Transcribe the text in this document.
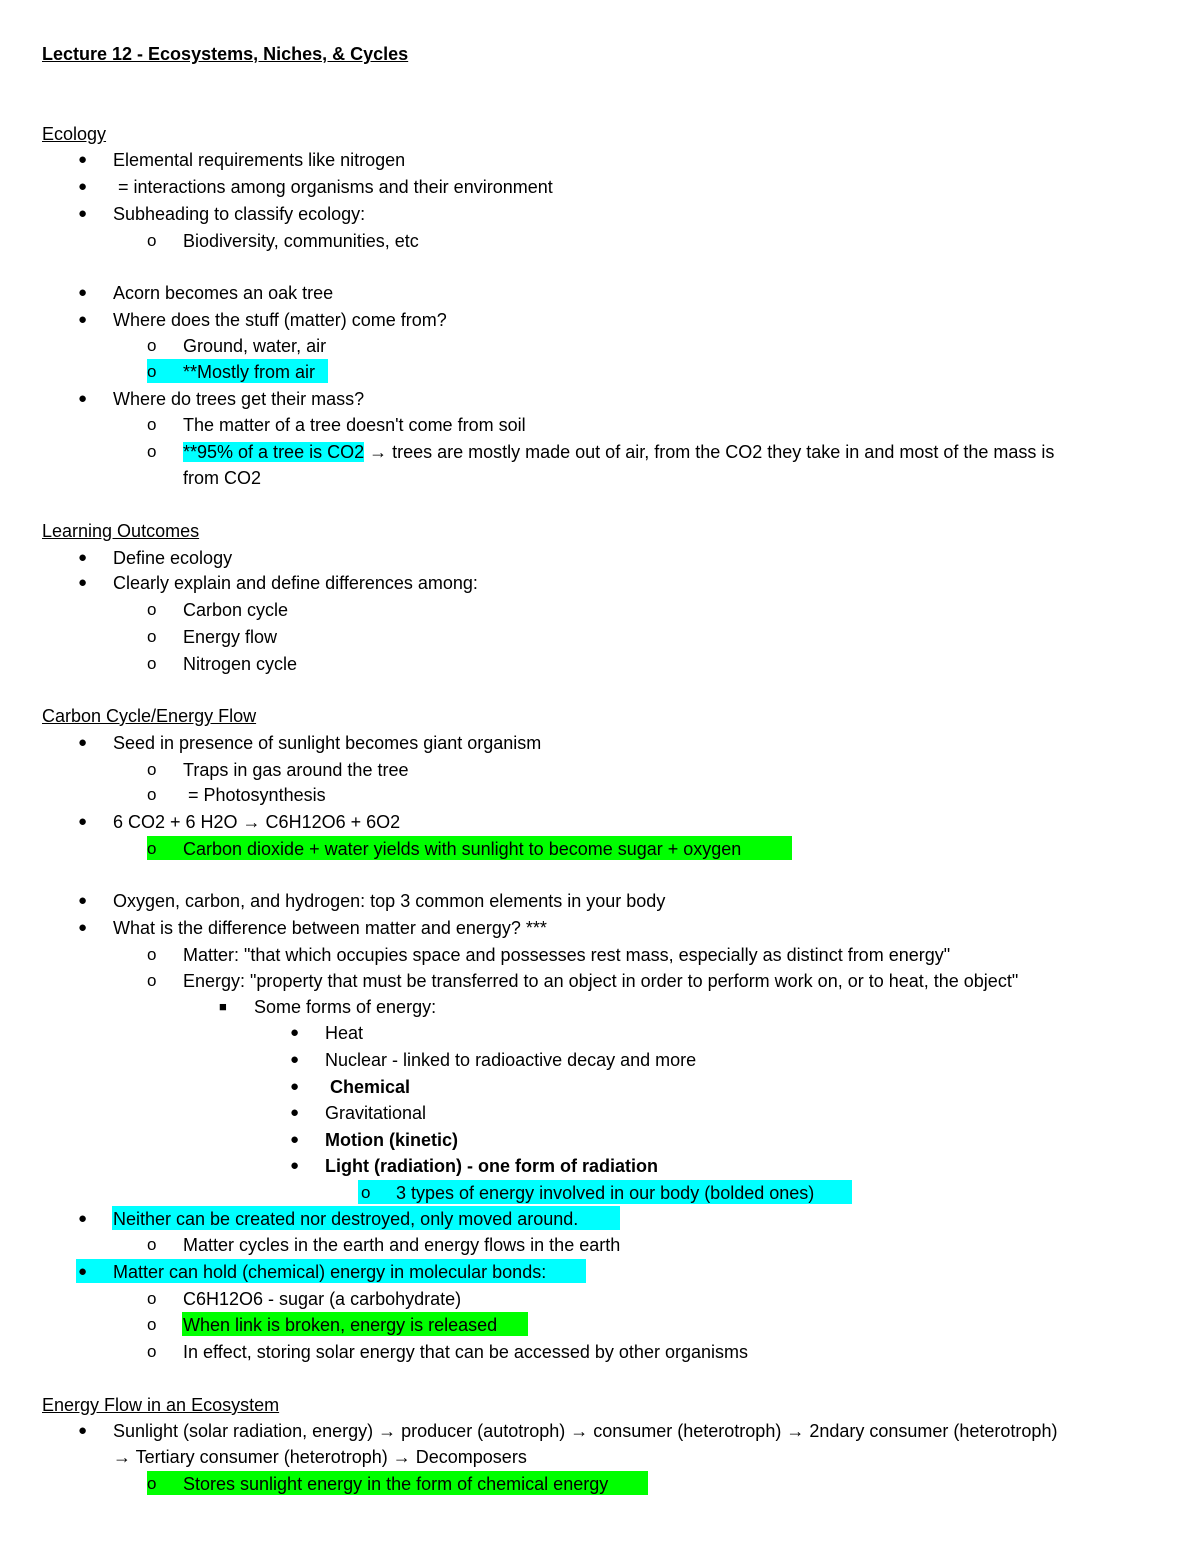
Lecture 12 - Ecosystems, Niches, & Cycles
Ecology
● Elemental requirements like nitrogen
● = interactions among organisms and their environment
● Subheading to classify ecology:
o Biodiversity, communities, etc
● Acorn becomes an oak tree
● Where does the stuff (matter) come from?
o Ground, water, air
o **Mostly from air
● Where do trees get their mass?
o The matter of a tree doesn't come from soil
o **95% of a tree is CO2 → trees are mostly made out of air, from the CO2 they take in and most of the mass is
from CO2
Learning Outcomes
● Define ecology
● Clearly explain and define differences among:
o Carbon cycle
o Energy flow
o Nitrogen cycle
Carbon Cycle/Energy Flow
● Seed in presence of sunlight becomes giant organism
o Traps in gas around the tree
o = Photosynthesis
● 6 CO2 + 6 H2O → C6H12O6 + 6O2
o Carbon dioxide + water yields with sunlight to become sugar + oxygen
● Oxygen, carbon, and hydrogen: top 3 common elements in your body
● What is the difference between matter and energy? ***
o Matter: "that which occupies space and possesses rest mass, especially as distinct from energy"
o Energy: "property that must be transferred to an object in order to perform work on, or to heat, the object"
■ Some forms of energy:
● Heat
● Nuclear - linked to radioactive decay and more
● Chemical
● Gravitational
● Motion (kinetic)
● Light (radiation) - one form of radiation
o 3 types of energy involved in our body (bolded ones)
● Neither can be created nor destroyed, only moved around.
o Matter cycles in the earth and energy flows in the earth
● Matter can hold (chemical) energy in molecular bonds:
o C6H12O6 - sugar (a carbohydrate)
o When link is broken, energy is released
o In effect, storing solar energy that can be accessed by other organisms
Energy Flow in an Ecosystem
● Sunlight (solar radiation, energy) → producer (autotroph) → consumer (heterotroph) → 2ndary consumer (heterotroph)
→ Tertiary consumer (heterotroph) → Decomposers
o Stores sunlight energy in the form of chemical energy
